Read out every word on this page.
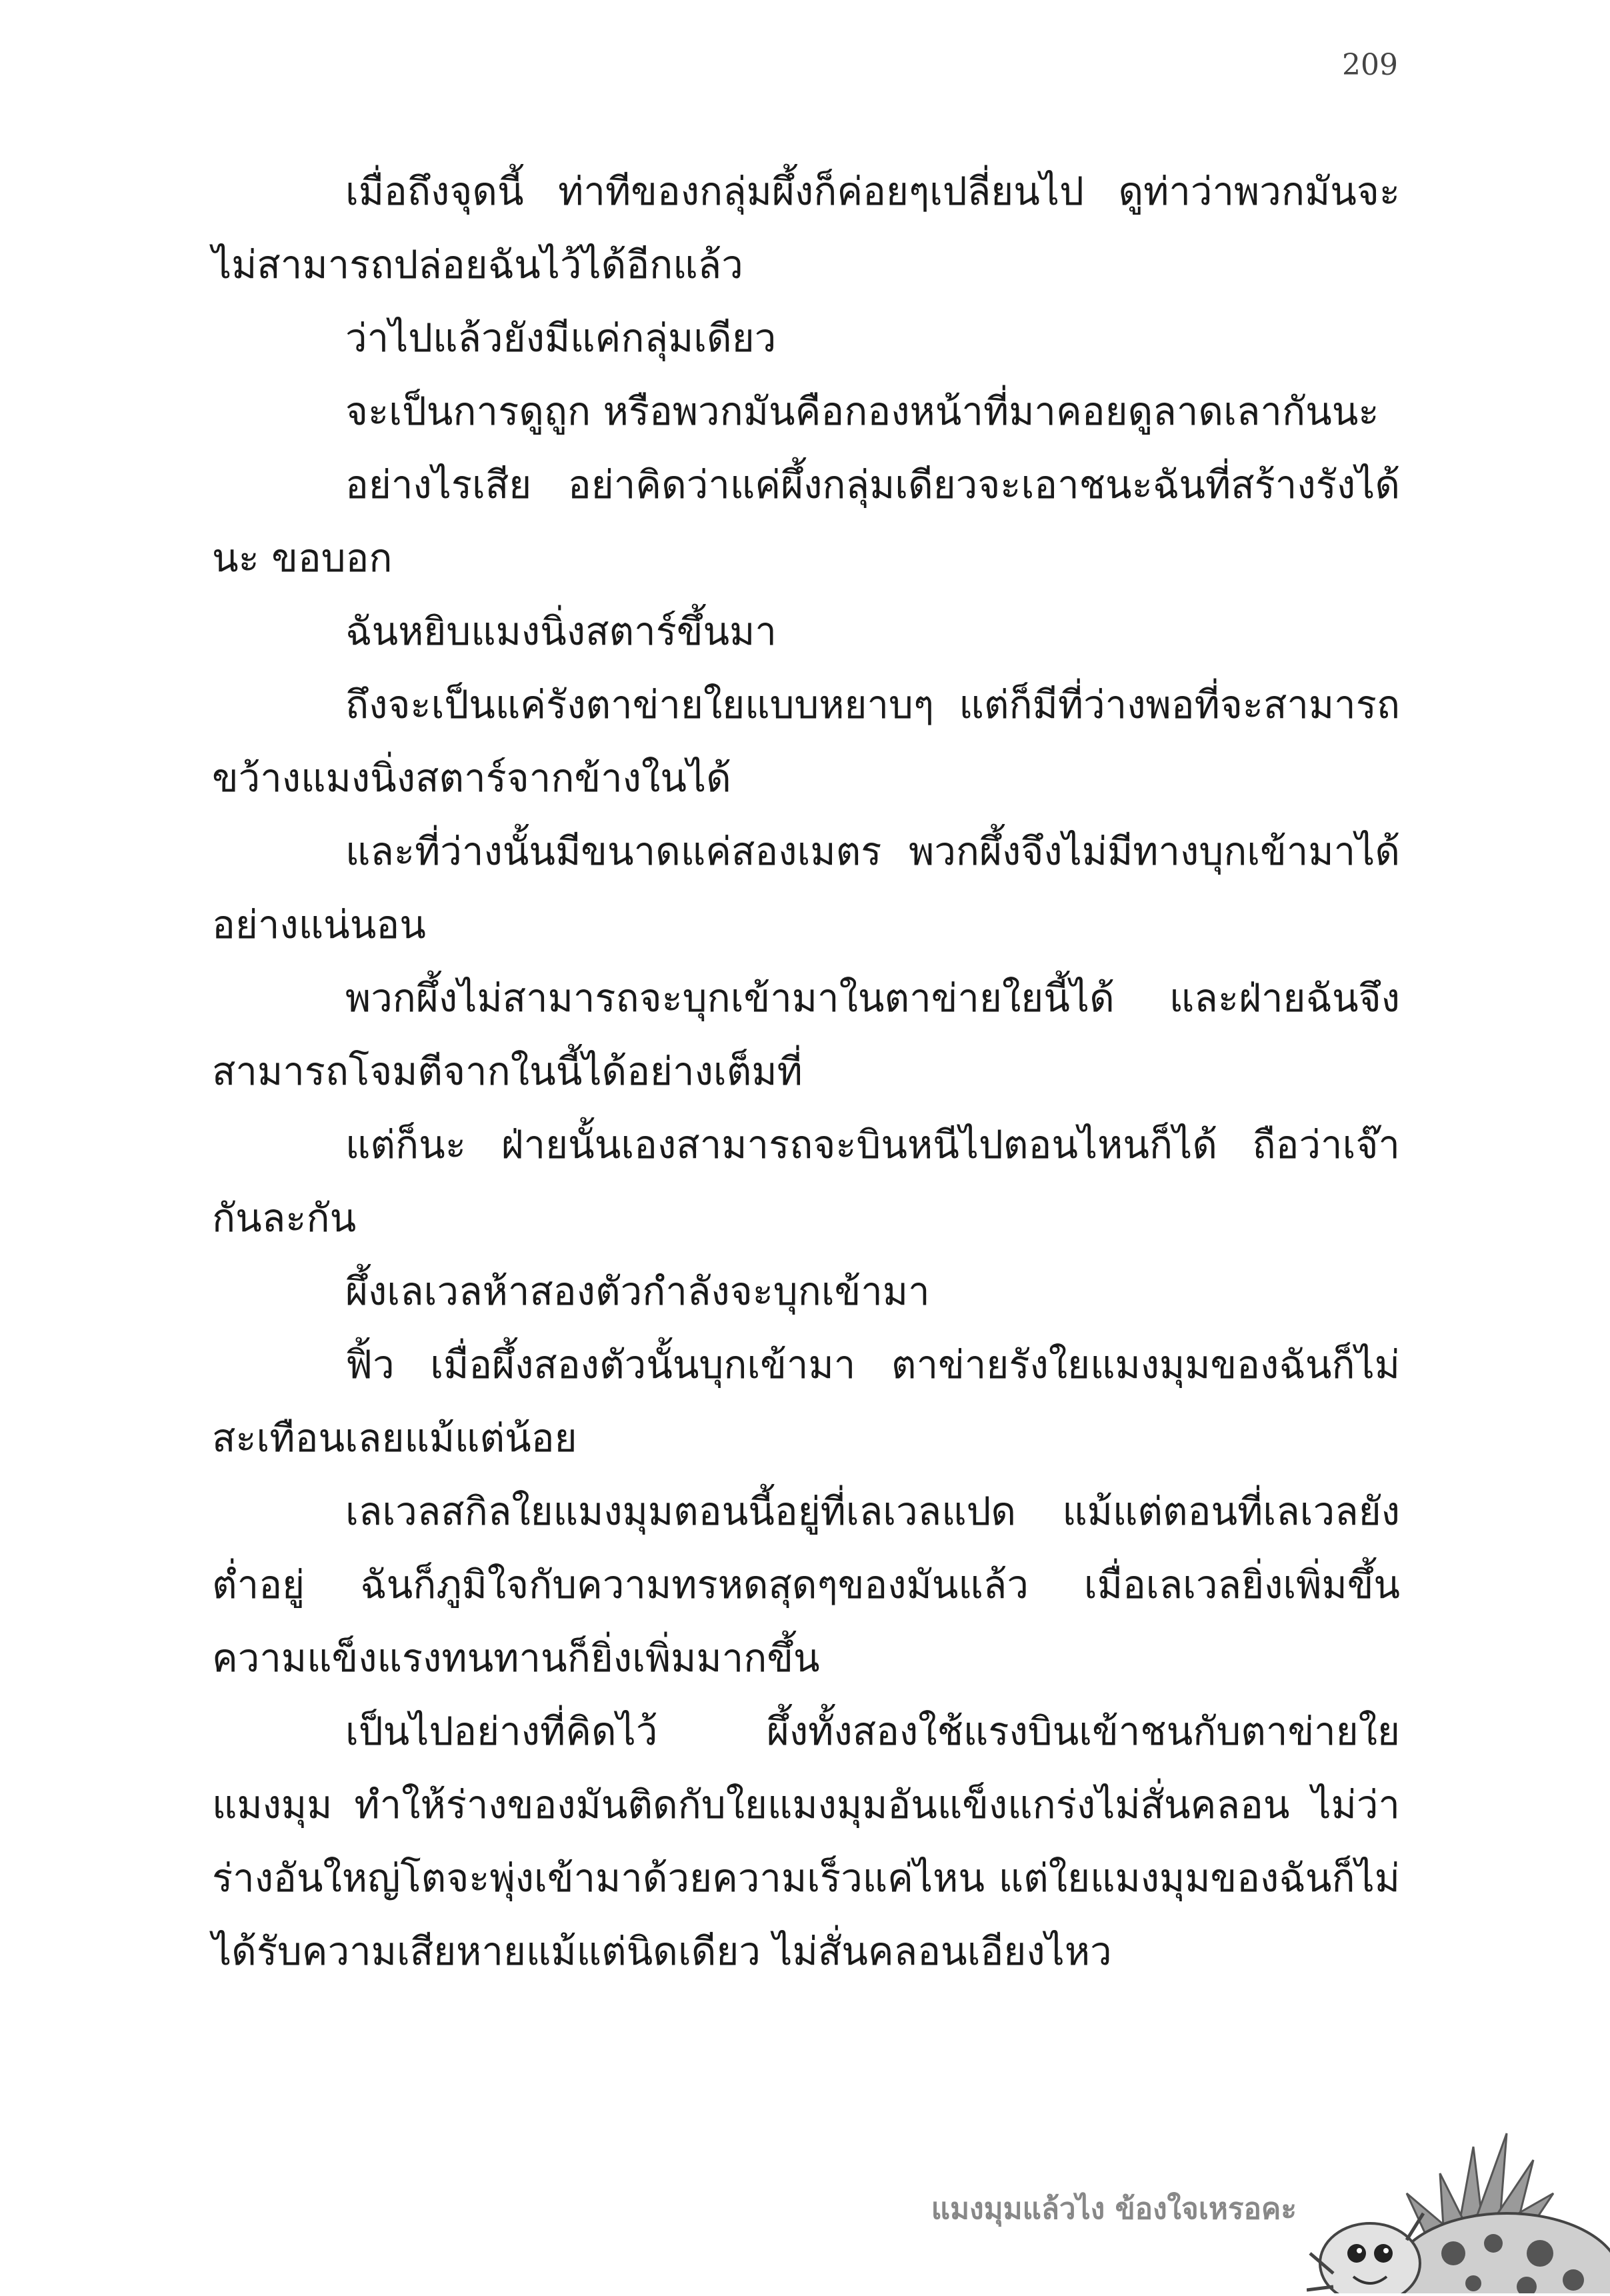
209

เมื่อถึงจุดนี้ ท่าทีของกลุ่มผึ้งก็ค่อยๆเปลี่ยนไป ดูท่าว่าพวกมันจะไม่สามารถปล่อยฉันไว้ได้อีกแล้ว

ว่าไปแล้วยังมีแค่กลุ่มเดียว

จะเป็นการดูถูก หรือพวกมันคือกองหน้าที่มาคอยดูลาดเลากันนะ

อย่างไรเสีย อย่าคิดว่าแค่ผึ้งกลุ่มเดียวจะเอาชนะฉันที่สร้างรังได้นะ ขอบอก

ฉันหยิบแมงนิ่งสตาร์ขึ้นมา

ถึงจะเป็นแค่รังตาข่ายใยแบบหยาบๆ แต่ก็มีที่ว่างพอที่จะสามารถขว้างแมงนิ่งสตาร์จากข้างในได้

และที่ว่างนั้นมีขนาดแค่สองเมตร พวกผึ้งจึงไม่มีทางบุกเข้ามาได้อย่างแน่นอน

พวกผึ้งไม่สามารถจะบุกเข้ามาในตาข่ายใยนี้ได้ และฝ่ายฉันจึงสามารถโจมตีจากในนี้ได้อย่างเต็มที่

แต่ก็นะ ฝ่ายนั้นเองสามารถจะบินหนีไปตอนไหนก็ได้ ถือว่าเจ๊ากันละกัน

ผึ้งเลเวลห้าสองตัวกำลังจะบุกเข้ามา

ฟิ้ว เมื่อผึ้งสองตัวนั้นบุกเข้ามา ตาข่ายรังใยแมงมุมของฉันก็ไม่สะเทือนเลยแม้แต่น้อย

เลเวลสกิลใยแมงมุมตอนนี้อยู่ที่เลเวลแปด แม้แต่ตอนที่เลเวลยังต่ำอยู่ ฉันก็ภูมิใจกับความทรหดสุดๆของมันแล้ว เมื่อเลเวลยิ่งเพิ่มขึ้น ความแข็งแรงทนทานก็ยิ่งเพิ่มมากขึ้น

เป็นไปอย่างที่คิดไว้ ผึ้งทั้งสองใช้แรงบินเข้าชนกับตาข่ายใยแมงมุม ทำให้ร่างของมันติดกับใยแมงมุมอันแข็งแกร่งไม่สั่นคลอน ไม่ว่าร่างอันใหญ่โตจะพุ่งเข้ามาด้วยความเร็วแค่ไหน แต่ใยแมงมุมของฉันก็ไม่ได้รับความเสียหายแม้แต่นิดเดียว ไม่สั่นคลอนเอียงไหว

แมงมุมแล้วไง ข้องใจเหรอคะ
